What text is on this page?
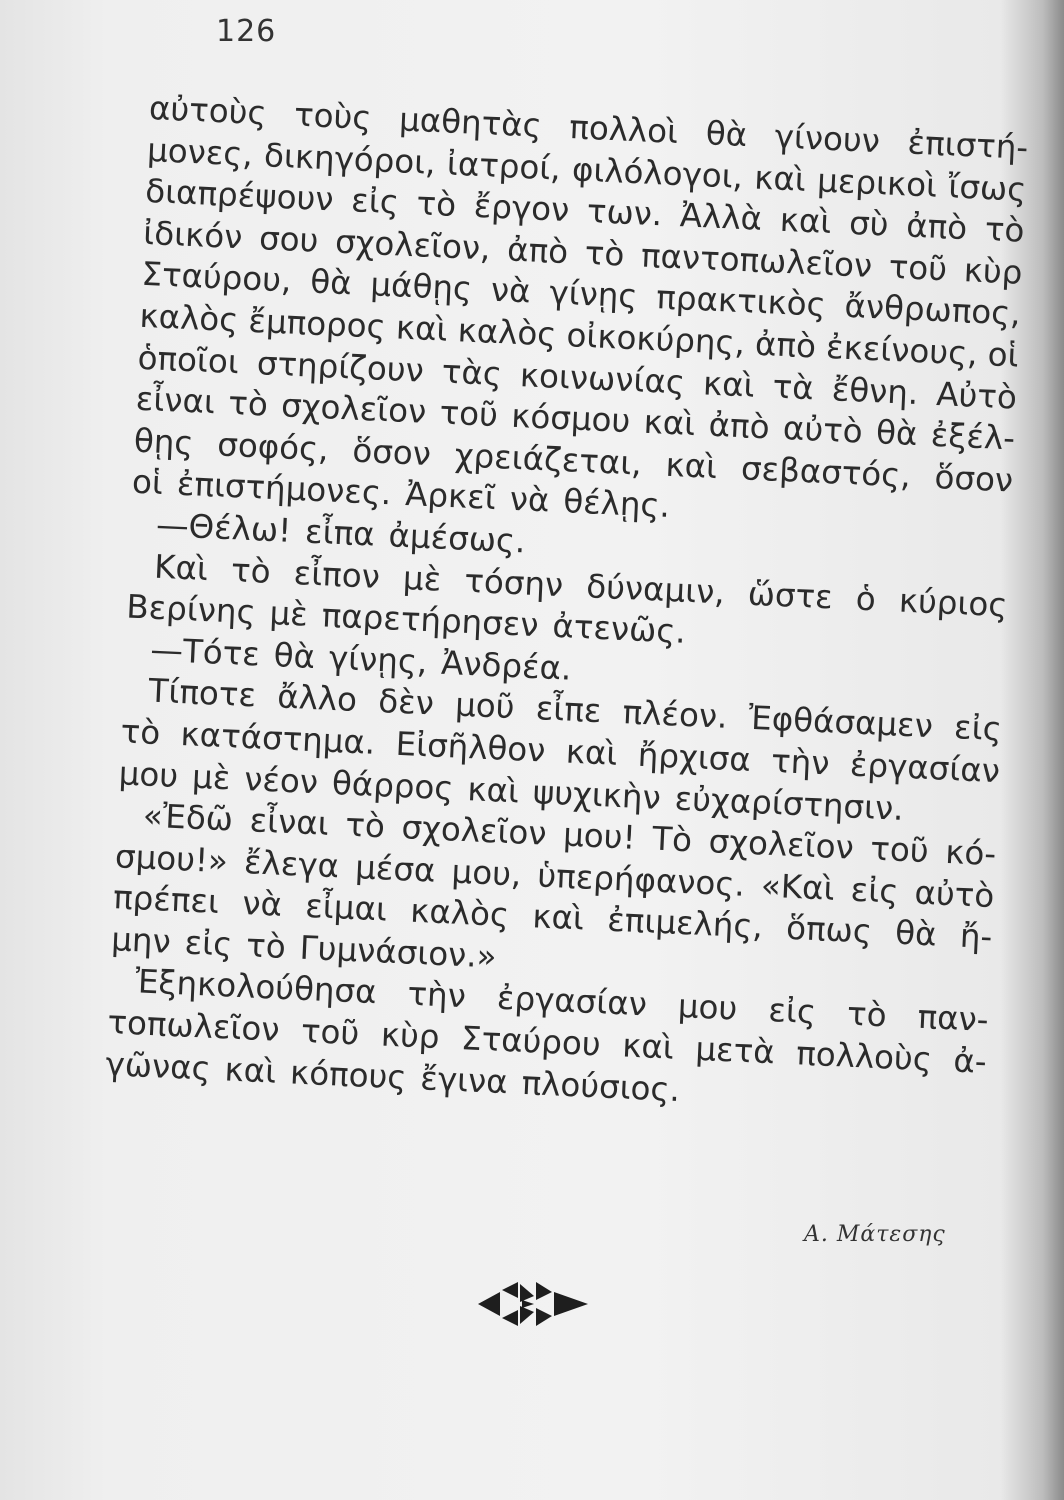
126
αὐτοὺς τοὺς μαθητὰς πολλοὶ θὰ γίνουν ἐπιστή-
μονες, δικηγόροι, ἰατροί, φιλόλογοι, καὶ μερικοὶ ἴσως
διαπρέψουν εἰς τὸ ἔργον των. Ἀλλὰ καὶ σὺ ἀπὸ τὸ
ἰδικόν σου σχολεῖον, ἀπὸ τὸ παντοπωλεῖον τοῦ κὺρ
Σταύρου, θὰ μάθῃς νὰ γίνῃς πρακτικὸς ἄνθρωπος,
καλὸς ἔμπορος καὶ καλὸς οἰκοκύρης, ἀπὸ ἐκείνους, οἱ
ὁποῖοι στηρίζουν τὰς κοινωνίας καὶ τὰ ἔθνη. Αὐτὸ
εἶναι τὸ σχολεῖον τοῦ κόσμου καὶ ἀπὸ αὐτὸ θὰ ἐξέλ-
θῃς σοφός, ὅσον χρειάζεται, καὶ σεβαστός, ὅσον
οἱ ἐπιστήμονες. Ἀρκεῖ νὰ θέλῃς.
—Θέλω! εἶπα ἀμέσως.
Καὶ τὸ εἶπον μὲ τόσην δύναμιν, ὥστε ὁ κύριος
Βερίνης μὲ παρετήρησεν ἀτενῶς.
—Τότε θὰ γίνῃς, Ἀνδρέα.
Τίποτε ἄλλο δὲν μοῦ εἶπε πλέον. Ἐφθάσαμεν εἰς
τὸ κατάστημα. Εἰσῆλθον καὶ ἤρχισα τὴν ἐργασίαν
μου μὲ νέον θάρρος καὶ ψυχικὴν εὐχαρίστησιν.
«Ἐδῶ εἶναι τὸ σχολεῖον μου! Τὸ σχολεῖον τοῦ κό-
σμου!» ἔλεγα μέσα μου, ὑπερήφανος. «Καὶ εἰς αὐτὸ
πρέπει νὰ εἶμαι καλὸς καὶ ἐπιμελής, ὅπως θὰ ἤ-
μην εἰς τὸ Γυμνάσιον.»
Ἐξηκολούθησα τὴν ἐργασίαν μου εἰς τὸ παν-
τοπωλεῖον τοῦ κὺρ Σταύρου καὶ μετὰ πολλοὺς ἀ-
γῶνας καὶ κόπους ἔγινα πλούσιος.
Α. Μάτεσης
